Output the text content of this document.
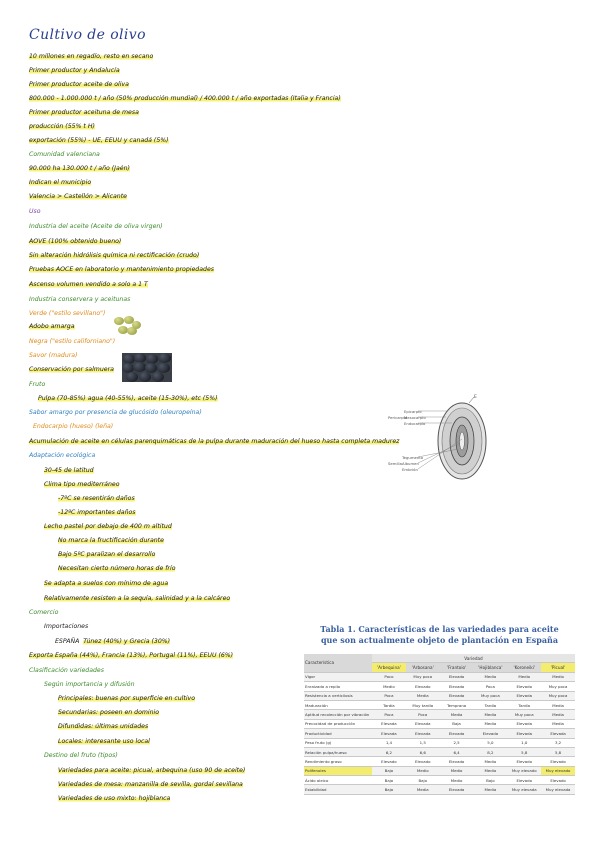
Cultivo de olivo
10 millones en regadío, resto en secano
Primer productor y Andalucía
Primer productor aceite de oliva
800.000 - 1.000.000 t / año (50% producción mundial) / 400.000 t / año exportadas (Italia y Francia)
Primer productor aceituna de mesa
producción (55% t H)
exportación (55%) - UE, EEUU y canadá (5%)
Comunidad valenciana
90.000 ha 130.000 t / año (Jaén)
Indican el municipio
Valencia > Castellón > Alicante
Uso
Industria del aceite (Aceite de oliva virgen)
AOVE (100% obtenido bueno)
Sin alteración hidrólisis química ni rectificación (crudo)
Pruebas AOCE en laboratorio y mantenimiento propiedades
Ascenso volumen vendido a solo a 1 T
Industria conservera y aceitunas
Verde ("estilo sevillano")
Adobo amarga
Negra ("estilo californiano")
Savor (madura)
Conservación por salmuera
Fruto
Pulpa (70-85%) agua (40-55%), aceite (15-30%), etc (5%)
Sabor amargo por presencia de glucósido (oleuropeína)
Endocarpio (hueso) (leña)
Acumulación de aceite en células parenquimáticas de la pulpa durante maduración del hueso hasta completa madurez
Adaptación ecológica
30-45 de latitud
Clima tipo mediterráneo
-7ºC se resentirán daños
-12ºC importantes daños
Lecho pastel por debajo de 400 m altitud
No marca la fructificación durante
Bajo 5ºC paralizan el desarrollo
Necesitan cierto número horas de frío
Se adapta a suelos con mínimo de agua
Relativamente resisten a la sequía, salinidad y a la calcáreo
Comercio
Importaciones
ESPAÑA Túnez (40%) y Grecia (30%)
Exporta España (44%), Francia (13%), Portugal (11%), EEUU (6%)
Clasificación variedades
Según importancia y difusión
Principales: buenas por superficie en cultivo
Secundarias: poseen en dominio
Difundidas: últimas unidades
Locales: interesante uso local
Destino del fruto (tipos)
Variedades para aceite: picual, arbequina (uso 90 de aceite)
Variedades de mesa: manzanilla de sevilla, gordal sevillana
Variedades de uso mixto: hojiblanca
E
Pericarpio
Epicarpio
Mesocarpio
Endocarpio
Semilla
Tegumento
Albumen
Embrión
Tabla 1. Características de las variedades para aceite
que son actualmente objeto de plantación en España
Característica	Variedad					
	'Arbequina'	'Arbosana'	'Frantoio'	'Hojiblanca'	'Koroneiki'	'Picual'
Vigor	Poco	Muy poco	Elevado	Medio	Medio	Medio
Enraizado a repilo	Medio	Elevado	Elevado	Poca	Elevado	Muy poca
Resistencia a verticilosis	Poca	Media	Elevada	Muy poca	Elevada	Muy poca
Maduración	Tardía	Muy tardía	Temprana	Tardía	Tardía	Media
Aptitud recolección por vibración	Poca	Poca	Media	Media	Muy poca	Media
Precocidad de producción	Elevada	Elevada	Baja	Media	Elevada	Media
Productividad	Elevada	Elevada	Elevada	Elevada	Elevada	Elevada
Peso fruto (g)	1,4	1,5	2,5	5,0	1,0	3,2
Relación pulpa/hueso	6,2	6,6	6,4	8,2	5,8	5,8
Rendimiento graso	Elevado	Elevado	Elevado	Medio	Elevado	Elevado
Polifenoles	Bajo	Medio	Medio	Medio	Muy elevado	Muy elevado
Ácido oleico	Bajo	Bajo	Medio	Bajo	Elevado	Elevado
Estabilidad	Baja	Media	Elevada	Media	Muy elevada	Muy elevada
